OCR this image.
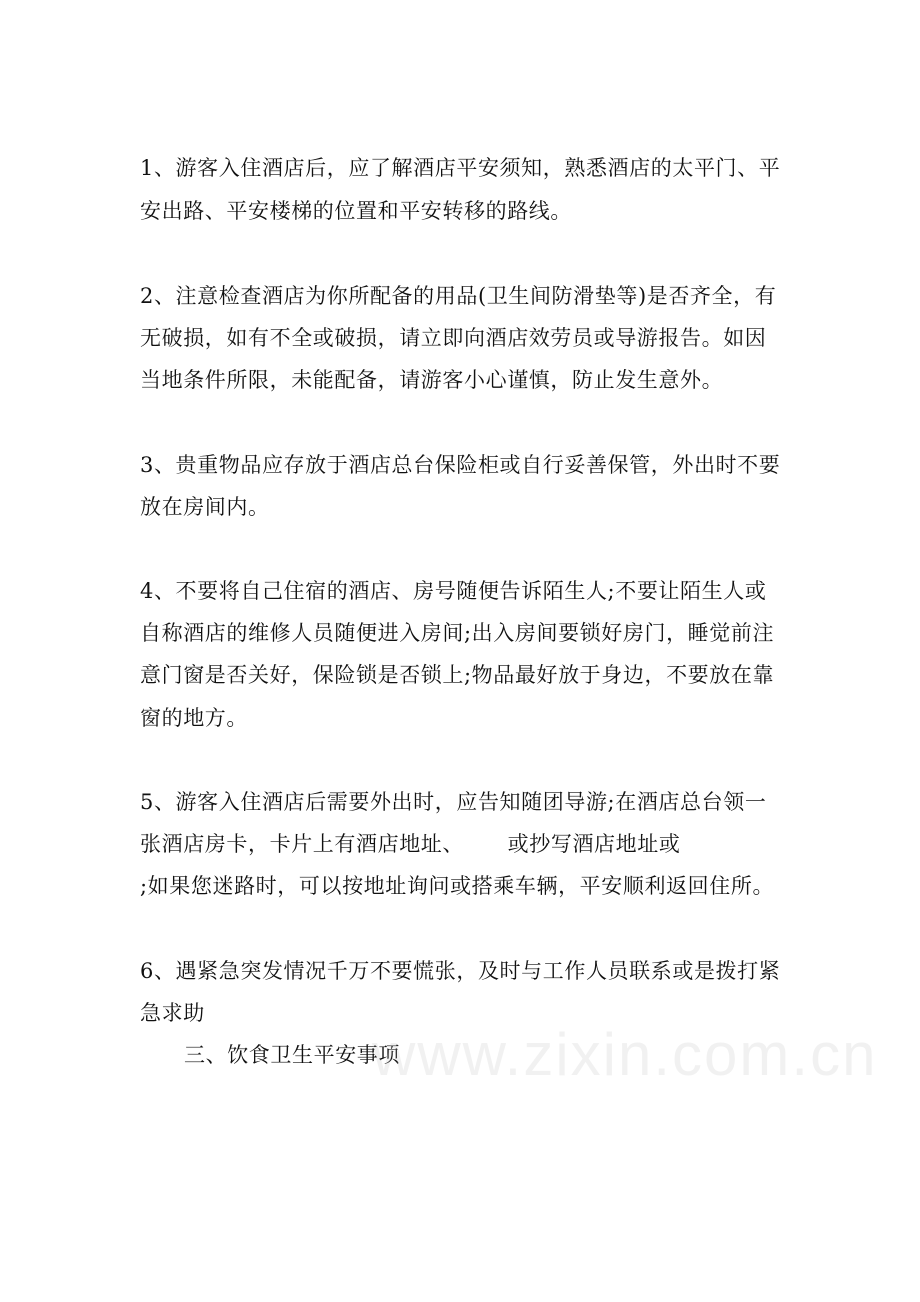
1、游客入住酒店后，应了解酒店平安须知，熟悉酒店的太平门、平
安出路、平安楼梯的位置和平安转移的路线。
2、注意检查酒店为你所配备的用品(卫生间防滑垫等)是否齐全，有
无破损，如有不全或破损，请立即向酒店效劳员或导游报告。如因
当地条件所限，未能配备，请游客小心谨慎，防止发生意外。
3、贵重物品应存放于酒店总台保险柜或自行妥善保管，外出时不要
放在房间内。
4、不要将自己住宿的酒店、房号随便告诉陌生人;不要让陌生人或
自称酒店的维修人员随便进入房间;出入房间要锁好房门，睡觉前注
意门窗是否关好，保险锁是否锁上;物品最好放于身边，不要放在靠
窗的地方。
5、游客入住酒店后需要外出时，应告知随团导游;在酒店总台领一
张酒店房卡，卡片上有酒店地址、      或抄写酒店地址或
;如果您迷路时，可以按地址询问或搭乘车辆，平安顺利返回住所。
6、遇紧急突发情况千万不要慌张，及时与工作人员联系或是拨打紧
急求助
三、饮食卫生平安事项
www.zixin.com.cn
